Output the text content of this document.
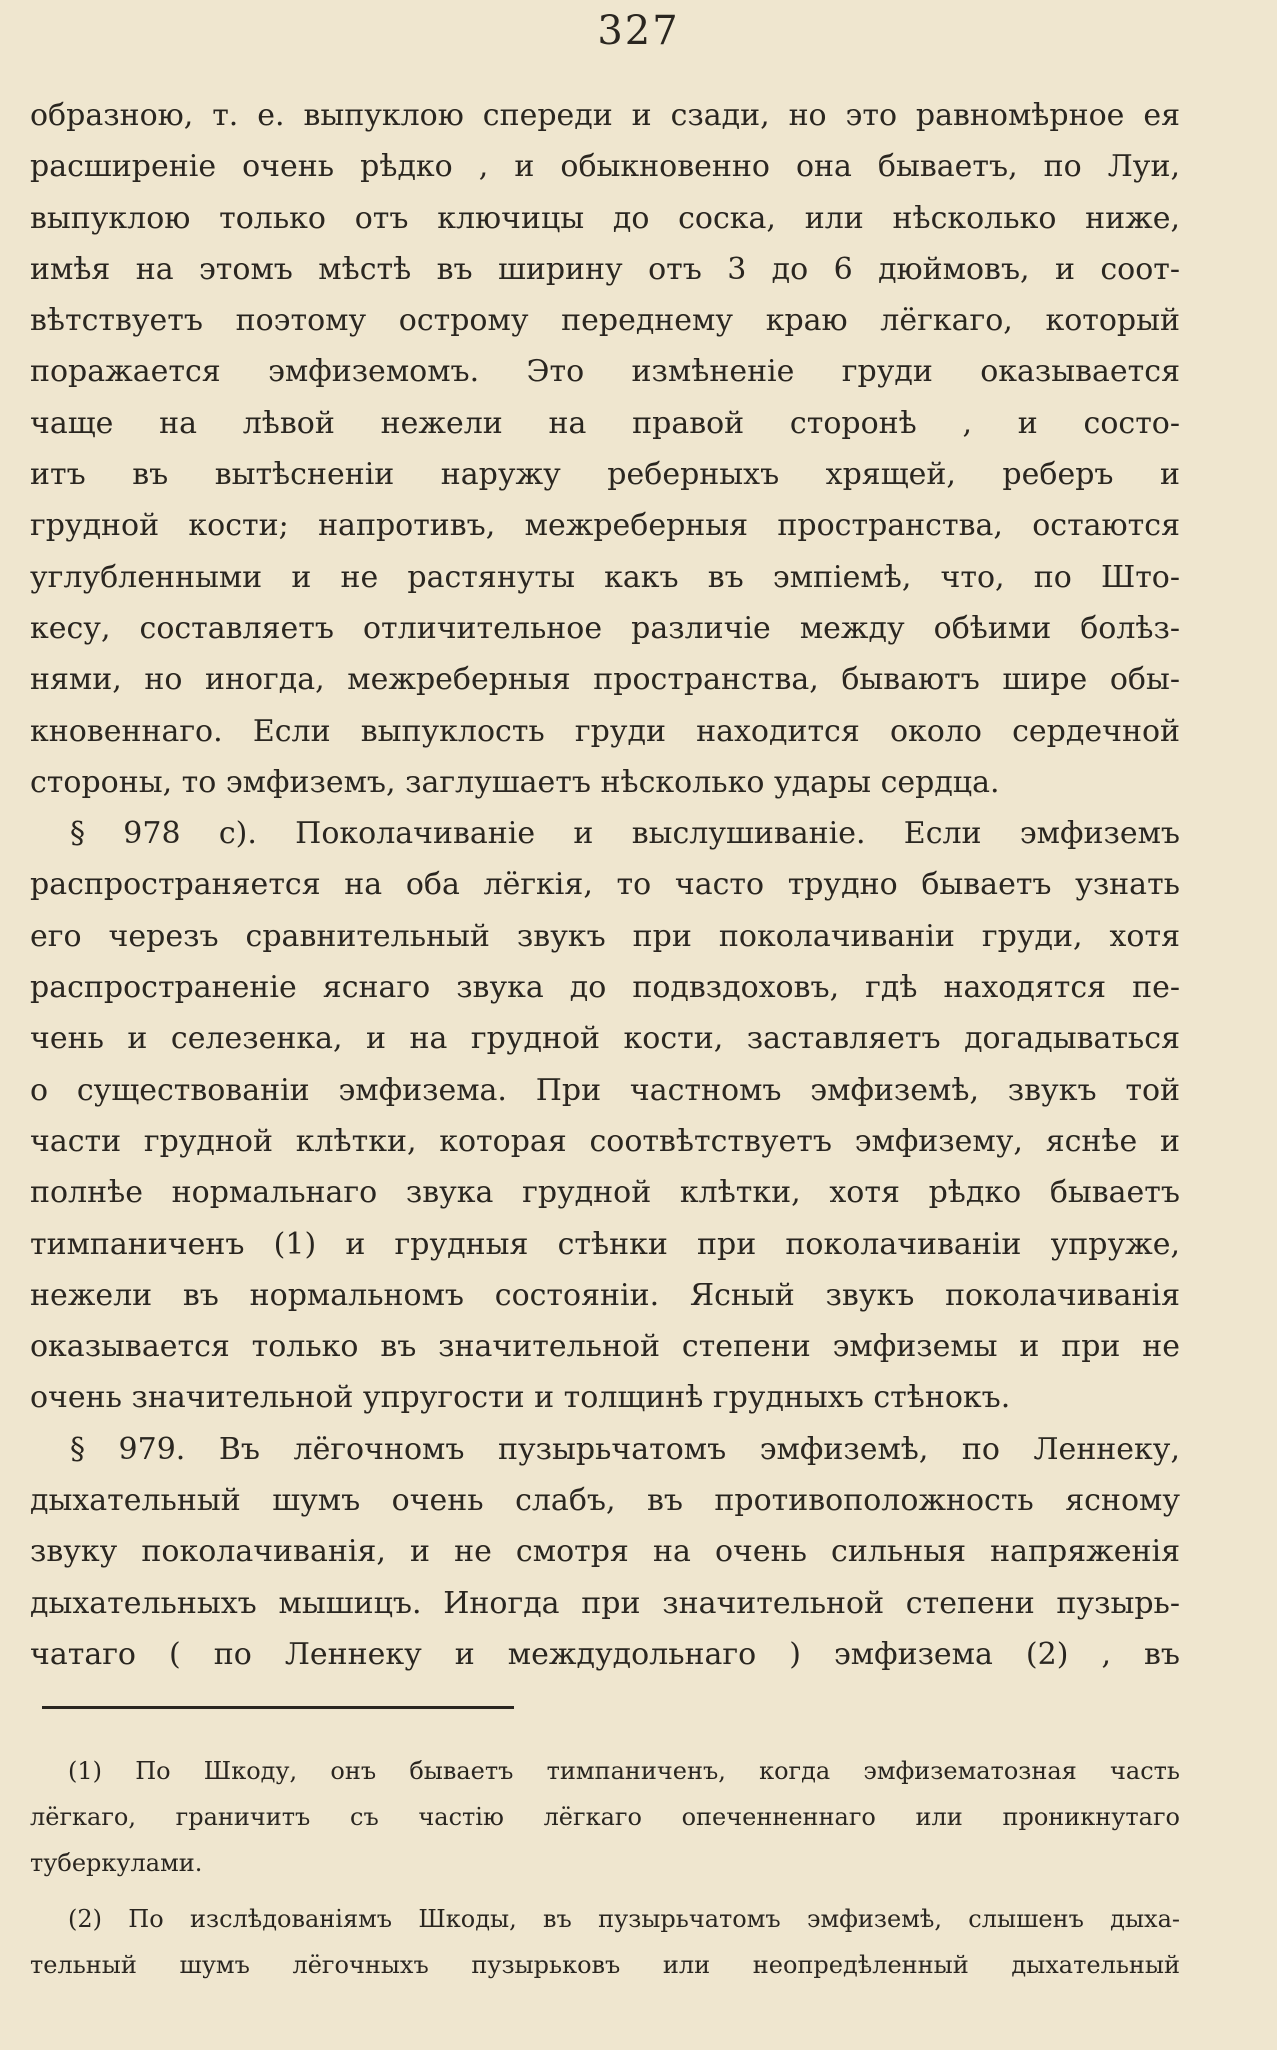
327
образною, т. е. выпуклою спереди и сзади, но это равномѣрное ея
расширеніе очень рѣдко , и обыкновенно она бываетъ, по Луи,
выпуклою только отъ ключицы до соска, или нѣсколько ниже,
имѣя на этомъ мѣстѣ въ ширину отъ 3 до 6 дюймовъ, и соот-
вѣтствуетъ поэтому острому переднему краю лёгкаго, который
поражается эмфиземомъ. Это измѣненіе груди оказывается
чаще на лѣвой нежели на правой сторонѣ , и состо-
итъ въ вытѣсненіи наружу реберныхъ хрящей, реберъ и
грудной кости; напротивъ, межреберныя пространства, остаются
углубленными и не растянуты какъ въ эмпіемѣ, что, по Што-
кесу, составляетъ отличительное различіе между обѣими болѣз-
нями, но иногда, межреберныя пространства, бываютъ шире обы-
кновеннаго. Если выпуклость груди находится около сердечной
стороны, то эмфиземъ, заглушаетъ нѣсколько удары сердца.
§ 978 c). Поколачиваніе и выслушиваніе. Если эмфиземъ
распространяется на оба лёгкія, то часто трудно бываетъ узнать
его черезъ сравнительный звукъ при поколачиваніи груди, хотя
распространеніе яснаго звука до подвздоховъ, гдѣ находятся пе-
чень и селезенка, и на грудной кости, заставляетъ догадываться
о существованіи эмфизема. При частномъ эмфиземѣ, звукъ той
части грудной клѣтки, которая соотвѣтствуетъ эмфизему, яснѣе и
полнѣе нормальнаго звука грудной клѣтки, хотя рѣдко бываетъ
тимпаниченъ (1) и грудныя стѣнки при поколачиваніи упруже,
нежели въ нормальномъ состояніи. Ясный звукъ поколачиванія
оказывается только въ значительной степени эмфиземы и при не
очень значительной упругости и толщинѣ грудныхъ стѣнокъ.
§ 979. Въ лёгочномъ пузырьчатомъ эмфиземѣ, по Леннеку,
дыхательный шумъ очень слабъ, въ противоположность ясному
звуку поколачиванія, и не смотря на очень сильныя напряженія
дыхательныхъ мышицъ. Иногда при значительной степени пузырь-
чатаго ( по Леннеку и междудольнаго ) эмфизема (2) , въ
(1) По Шкоду, онъ бываетъ тимпаниченъ, когда эмфизематозная часть
лёгкаго, граничитъ съ частію лёгкаго опеченненнаго или проникнутаго
туберкулами.
(2) По изслѣдованіямъ Шкоды, въ пузырьчатомъ эмфиземѣ, слышенъ дыха-
тельный шумъ лёгочныхъ пузырьковъ или неопредѣленный дыхательный
